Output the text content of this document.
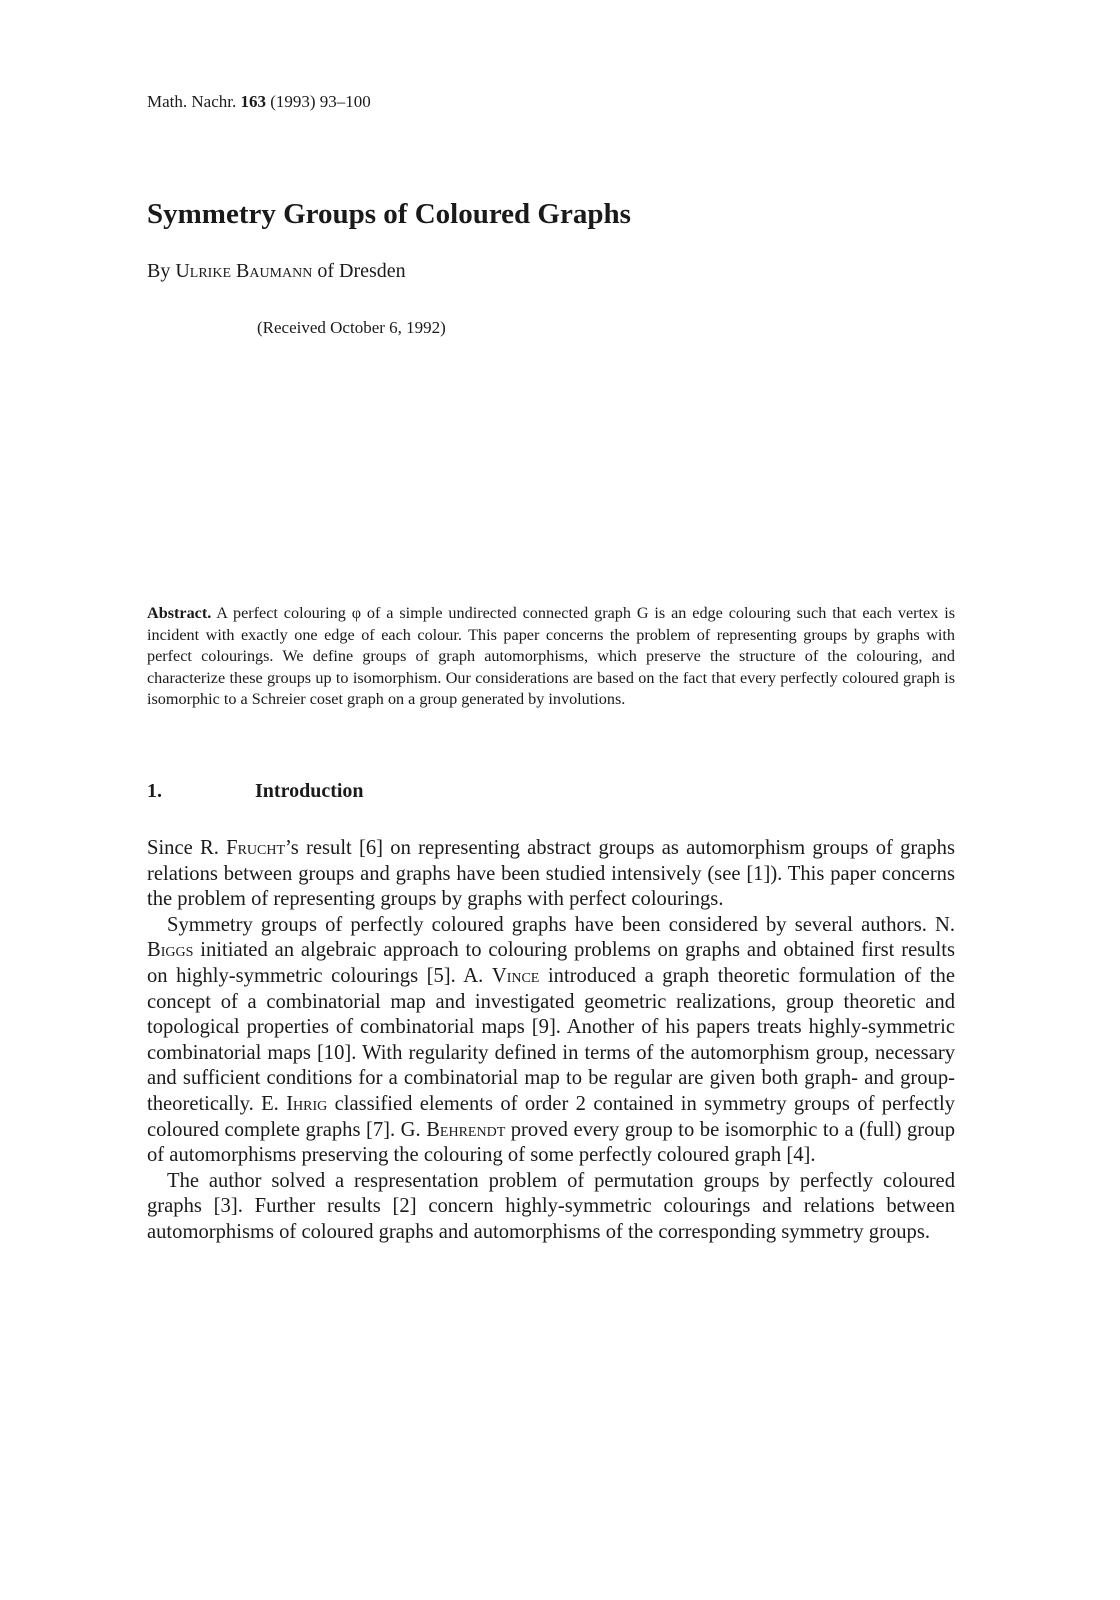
Math. Nachr. 163 (1993) 93–100
Symmetry Groups of Coloured Graphs
By Ulrike Baumann of Dresden
(Received October 6, 1992)

Abstract. A perfect colouring φ of a simple undirected connected graph G is an edge colouring such that each vertex is incident with exactly one edge of each colour. This paper concerns the problem of representing groups by graphs with perfect colourings. We define groups of graph automorphisms, which preserve the structure of the colouring, and characterize these groups up to isomorphism. Our considerations are based on the fact that every perfectly coloured graph is isomorphic to a Schreier coset graph on a group generated by involutions.

1.	Introduction

Since R. Frucht’s result [6] on representing abstract groups as automorphism groups of graphs relations between groups and graphs have been studied intensively (see [1]). This paper concerns the problem of representing groups by graphs with perfect colourings.

Symmetry groups of perfectly coloured graphs have been considered by several authors. N. Biggs initiated an algebraic approach to colouring problems on graphs and obtained first results on highly-symmetric colourings [5]. A. Vince introduced a graph theoretic formulation of the concept of a combinatorial map and investigated geometric realizations, group theoretic and topological properties of combinatorial maps [9]. Another of his papers treats highly-symmetric combinatorial maps [10]. With regularity defined in terms of the automorphism group, necessary and sufficient conditions for a combinatorial map to be regular are given both graph- and group-theoretically. E. Ihrig classified elements of order 2 contained in symmetry groups of perfectly coloured complete graphs [7]. G. Behrendt proved every group to be isomorphic to a (full) group of automorphisms preserving the colouring of some perfectly coloured graph [4].

The author solved a respresentation problem of permutation groups by perfectly coloured graphs [3]. Further results [2] concern highly-symmetric colourings and relations between automorphisms of coloured graphs and automorphisms of the corresponding symmetry groups.
